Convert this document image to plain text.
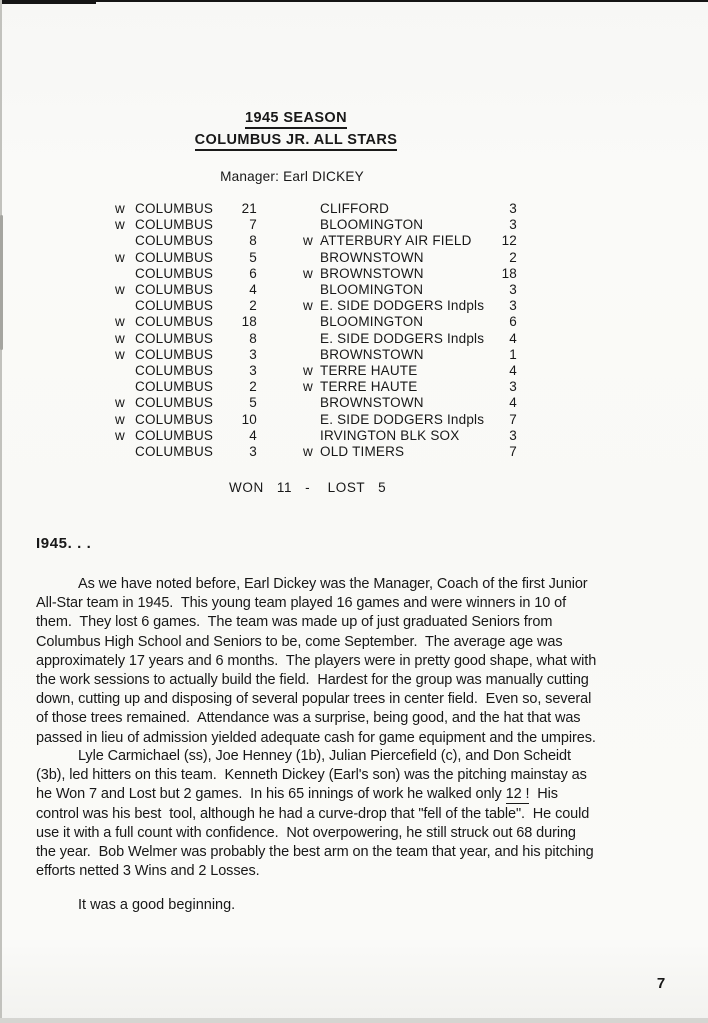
1945 SEASON
COLUMBUS JR. ALL STARS
Manager: Earl DICKEY
w COLUMBUS	21	CLIFFORD	3
w COLUMBUS	7	BLOOMINGTON	3
COLUMBUS	8	w ATTERBURY AIR FIELD	12
w COLUMBUS	5	BROWNSTOWN	2
COLUMBUS	6	w BROWNSTOWN	18
w COLUMBUS	4	BLOOMINGTON	3
COLUMBUS	2	w E. SIDE DODGERS Indpls	3
w COLUMBUS	18	BLOOMINGTON	6
w COLUMBUS	8	E. SIDE DODGERS Indpls	4
w COLUMBUS	3	BROWNSTOWN	1
COLUMBUS	3	w TERRE HAUTE	4
COLUMBUS	2	w TERRE HAUTE	3
w COLUMBUS	5	BROWNSTOWN	4
w COLUMBUS	10	E. SIDE DODGERS Indpls	7
w COLUMBUS	4	IRVINGTON BLK SOX	3
COLUMBUS	3	w OLD TIMERS	7
WON   11   -    LOST   5
I945. . .
As we have noted before, Earl Dickey was the Manager, Coach of the first Junior
All-Star team in 1945.  This young team played 16 games and were winners in 10 of
them.  They lost 6 games.  The team was made up of just graduated Seniors from
Columbus High School and Seniors to be, come September.  The average age was
approximately 17 years and 6 months.  The players were in pretty good shape, what with
the work sessions to actually build the field.  Hardest for the group was manually cutting
down, cutting up and disposing of several popular trees in center field.  Even so, several
of those trees remained.  Attendance was a surprise, being good, and the hat that was
passed in lieu of admission yielded adequate cash for game equipment and the umpires.
Lyle Carmichael (ss), Joe Henney (1b), Julian Piercefield (c), and Don Scheidt
(3b), led hitters on this team.  Kenneth Dickey (Earl's son) was the pitching mainstay as
he Won 7 and Lost but 2 games.  In his 65 innings of work he walked only 12 !  His
control was his best  tool, although he had a curve-drop that "fell of the table".  He could
use it with a full count with confidence.  Not overpowering, he still struck out 68 during
the year.  Bob Welmer was probably the best arm on the team that year, and his pitching
efforts netted 3 Wins and 2 Losses.
It was a good beginning.
7
